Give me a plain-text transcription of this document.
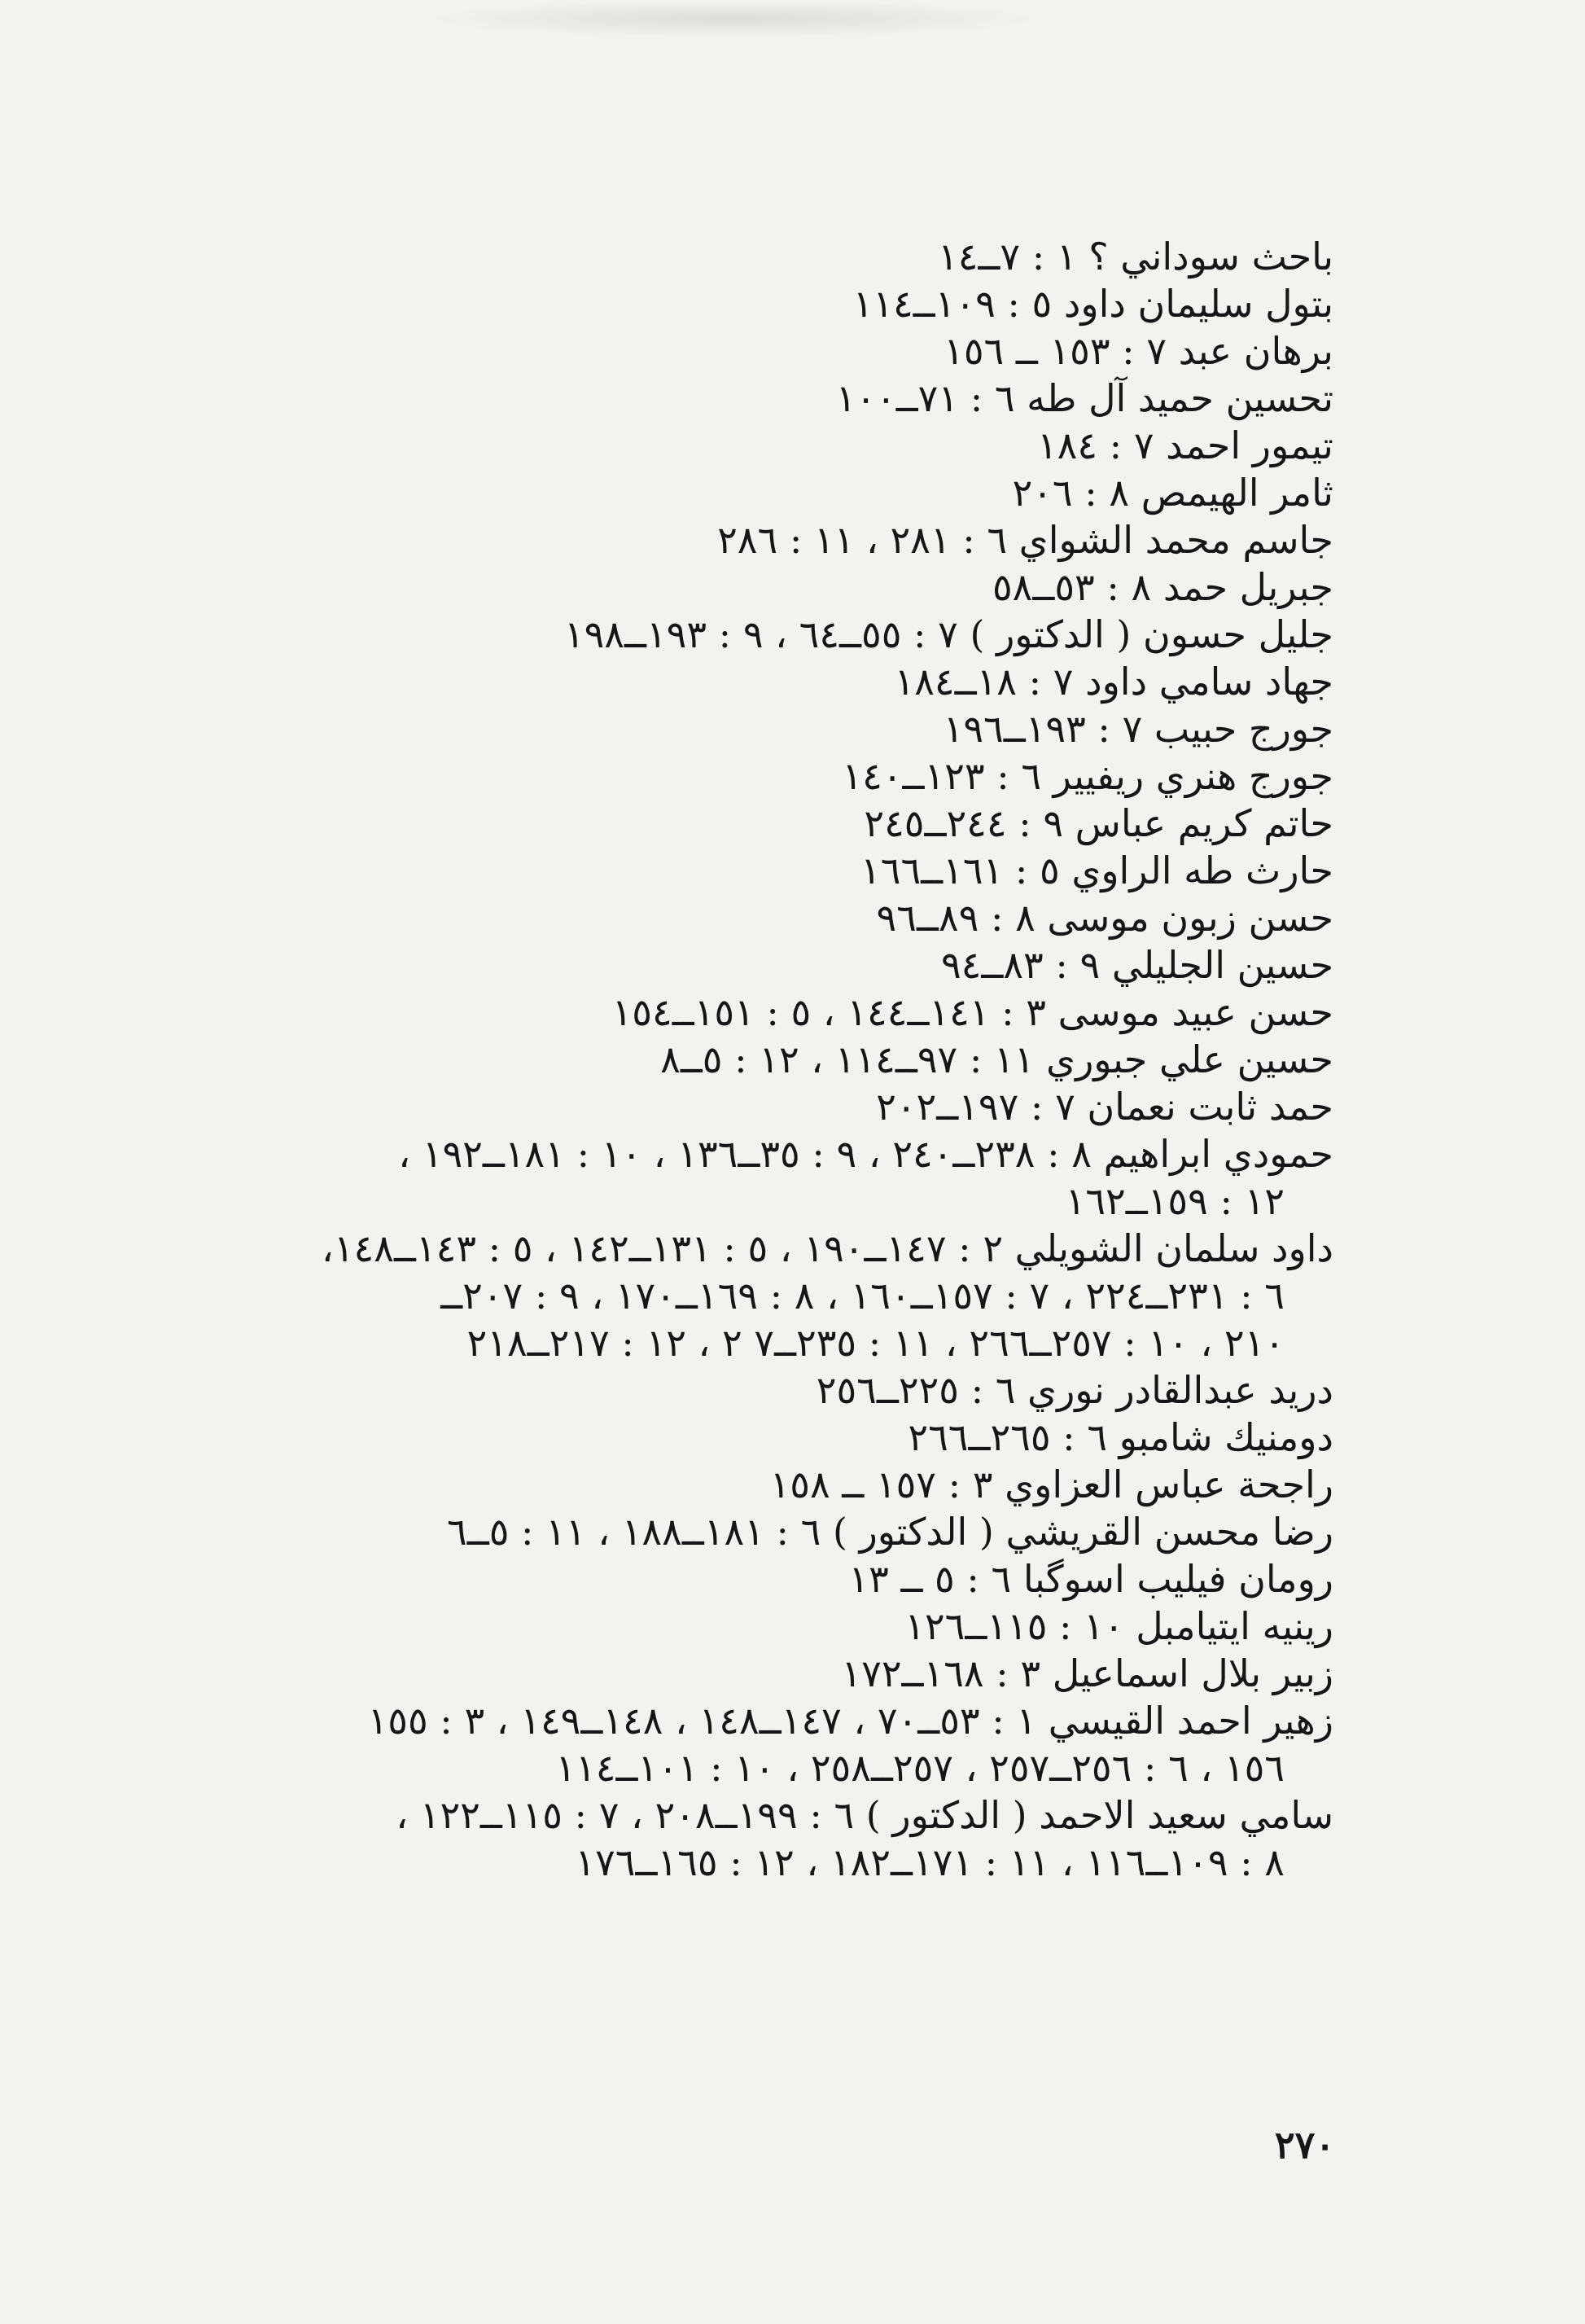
باحث سوداني ؟ ١ : ٧ــ١٤
بتول سليمان داود ٥ : ١٠٩ــ١١٤
برهان عبد ٧ : ١٥٣ ــ ١٥٦
تحسين حميد آل طه ٦ : ٧١ــ١٠٠
تيمور احمد ٧ : ١٨٤
ثامر الهيمص ٨ : ٢٠٦
جاسم محمد الشواي ٦ : ٢٨١ ، ١١ : ٢٨٦
جبريل حمد ٨ : ٥٣ــ٥٨
جليل حسون ( الدكتور ) ٧ : ٥٥ــ٦٤ ، ٩ : ١٩٣ــ١٩٨
جهاد سامي داود ٧ : ١٨ــ١٨٤
جورج حبيب ٧ : ١٩٣ــ١٩٦
جورج هنري ريفيير ٦ : ١٢٣ــ١٤٠
حاتم كريم عباس ٩ : ٢٤٤ــ٢٤٥
حارث طه الراوي ٥ : ١٦١ــ١٦٦
حسن زبون موسى ٨ : ٨٩ــ٩٦
حسين الجليلي ٩ : ٨٣ــ٩٤
حسن عبيد موسى ٣ : ١٤١ــ١٤٤ ، ٥ : ١٥١ــ١٥٤
حسين علي جبوري ١١ : ٩٧ــ١١٤ ، ١٢ : ٥ــ٨
حمد ثابت نعمان ٧ : ١٩٧ــ٢٠٢
حمودي ابراهيم ٨ : ٢٣٨ــ٢٤٠ ، ٩ : ٣٥ــ١٣٦ ، ١٠ : ١٨١ــ١٩٢ ،
١٢ : ١٥٩ــ١٦٢
داود سلمان الشويلي ٢ : ١٤٧ــ١٩٠ ، ٥ : ١٣١ــ١٤٢ ، ٥ : ١٤٣ــ١٤٨،
٦ : ٢٣١ــ٢٢٤ ، ٧ : ١٥٧ــ١٦٠ ، ٨ : ١٦٩ــ١٧٠ ، ٩ : ٢٠٧ــ
٢١٠ ، ١٠ : ٢٥٧ــ٢٦٦ ، ١١ : ٢٣٥ــ٧ ٢ ، ١٢ : ٢١٧ــ٢١٨
دريد عبدالقادر نوري ٦ : ٢٢٥ــ٢٥٦
دومنيك شامبو ٦ : ٢٦٥ــ٢٦٦
راجحة عباس العزاوي ٣ : ١٥٧ ــ ١٥٨
رضا محسن القريشي ( الدكتور ) ٦ : ١٨١ــ١٨٨ ، ١١ : ٥ــ٦
رومان فيليب اسوگبا ٦ : ٥ ــ ١٣
رينيه ايتيامبل ١٠ : ١١٥ــ١٢٦
زبير بلال اسماعيل ٣ : ١٦٨ــ١٧٢
زهير احمد القيسي ١ : ٥٣ــ٧٠ ، ١٤٧ــ١٤٨ ، ١٤٨ــ١٤٩ ، ٣ : ١٥٥
١٥٦ ، ٦ : ٢٥٦ــ٢٥٧ ، ٢٥٧ــ٢٥٨ ، ١٠ : ١٠١ــ١١٤
سامي سعيد الاحمد ( الدكتور ) ٦ : ١٩٩ــ٢٠٨ ، ٧ : ١١٥ــ١٢٢ ،
٨ : ١٠٩ــ١١٦ ، ١١ : ١٧١ــ١٨٢ ، ١٢ : ١٦٥ــ١٧٦
٢٧٠
